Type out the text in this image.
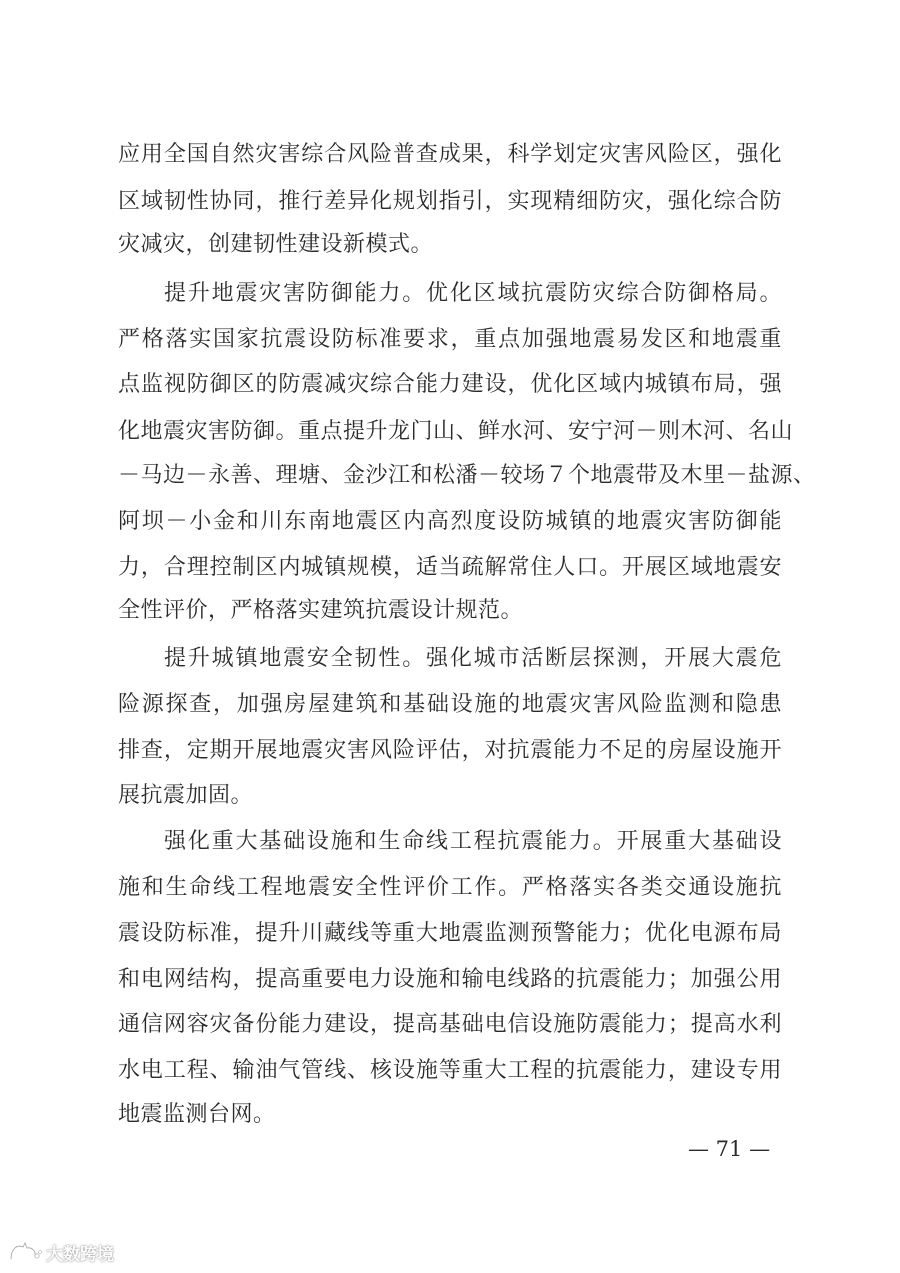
应用全国自然灾害综合风险普查成果，科学划定灾害风险区，强化
区域韧性协同，推行差异化规划指引，实现精细防灾，强化综合防
灾减灾，创建韧性建设新模式。
提升地震灾害防御能力。优化区域抗震防灾综合防御格局。
严格落实国家抗震设防标准要求，重点加强地震易发区和地震重
点监视防御区的防震减灾综合能力建设，优化区域内城镇布局，强
化地震灾害防御。重点提升龙门山、鲜水河、安宁河－则木河、名山
－马边－永善、理塘、金沙江和松潘－较场７个地震带及木里－盐源、
阿坝－小金和川东南地震区内高烈度设防城镇的地震灾害防御能
力，合理控制区内城镇规模，适当疏解常住人口。开展区域地震安
全性评价，严格落实建筑抗震设计规范。
提升城镇地震安全韧性。强化城市活断层探测，开展大震危
险源探查，加强房屋建筑和基础设施的地震灾害风险监测和隐患
排查，定期开展地震灾害风险评估，对抗震能力不足的房屋设施开
展抗震加固。
强化重大基础设施和生命线工程抗震能力。开展重大基础设
施和生命线工程地震安全性评价工作。严格落实各类交通设施抗
震设防标准，提升川藏线等重大地震监测预警能力；优化电源布局
和电网结构，提高重要电力设施和输电线路的抗震能力；加强公用
通信网容灾备份能力建设，提高基础电信设施防震能力；提高水利
水电工程、输油气管线、核设施等重大工程的抗震能力，建设专用
地震监测台网。
— 71 —
大数跨境
